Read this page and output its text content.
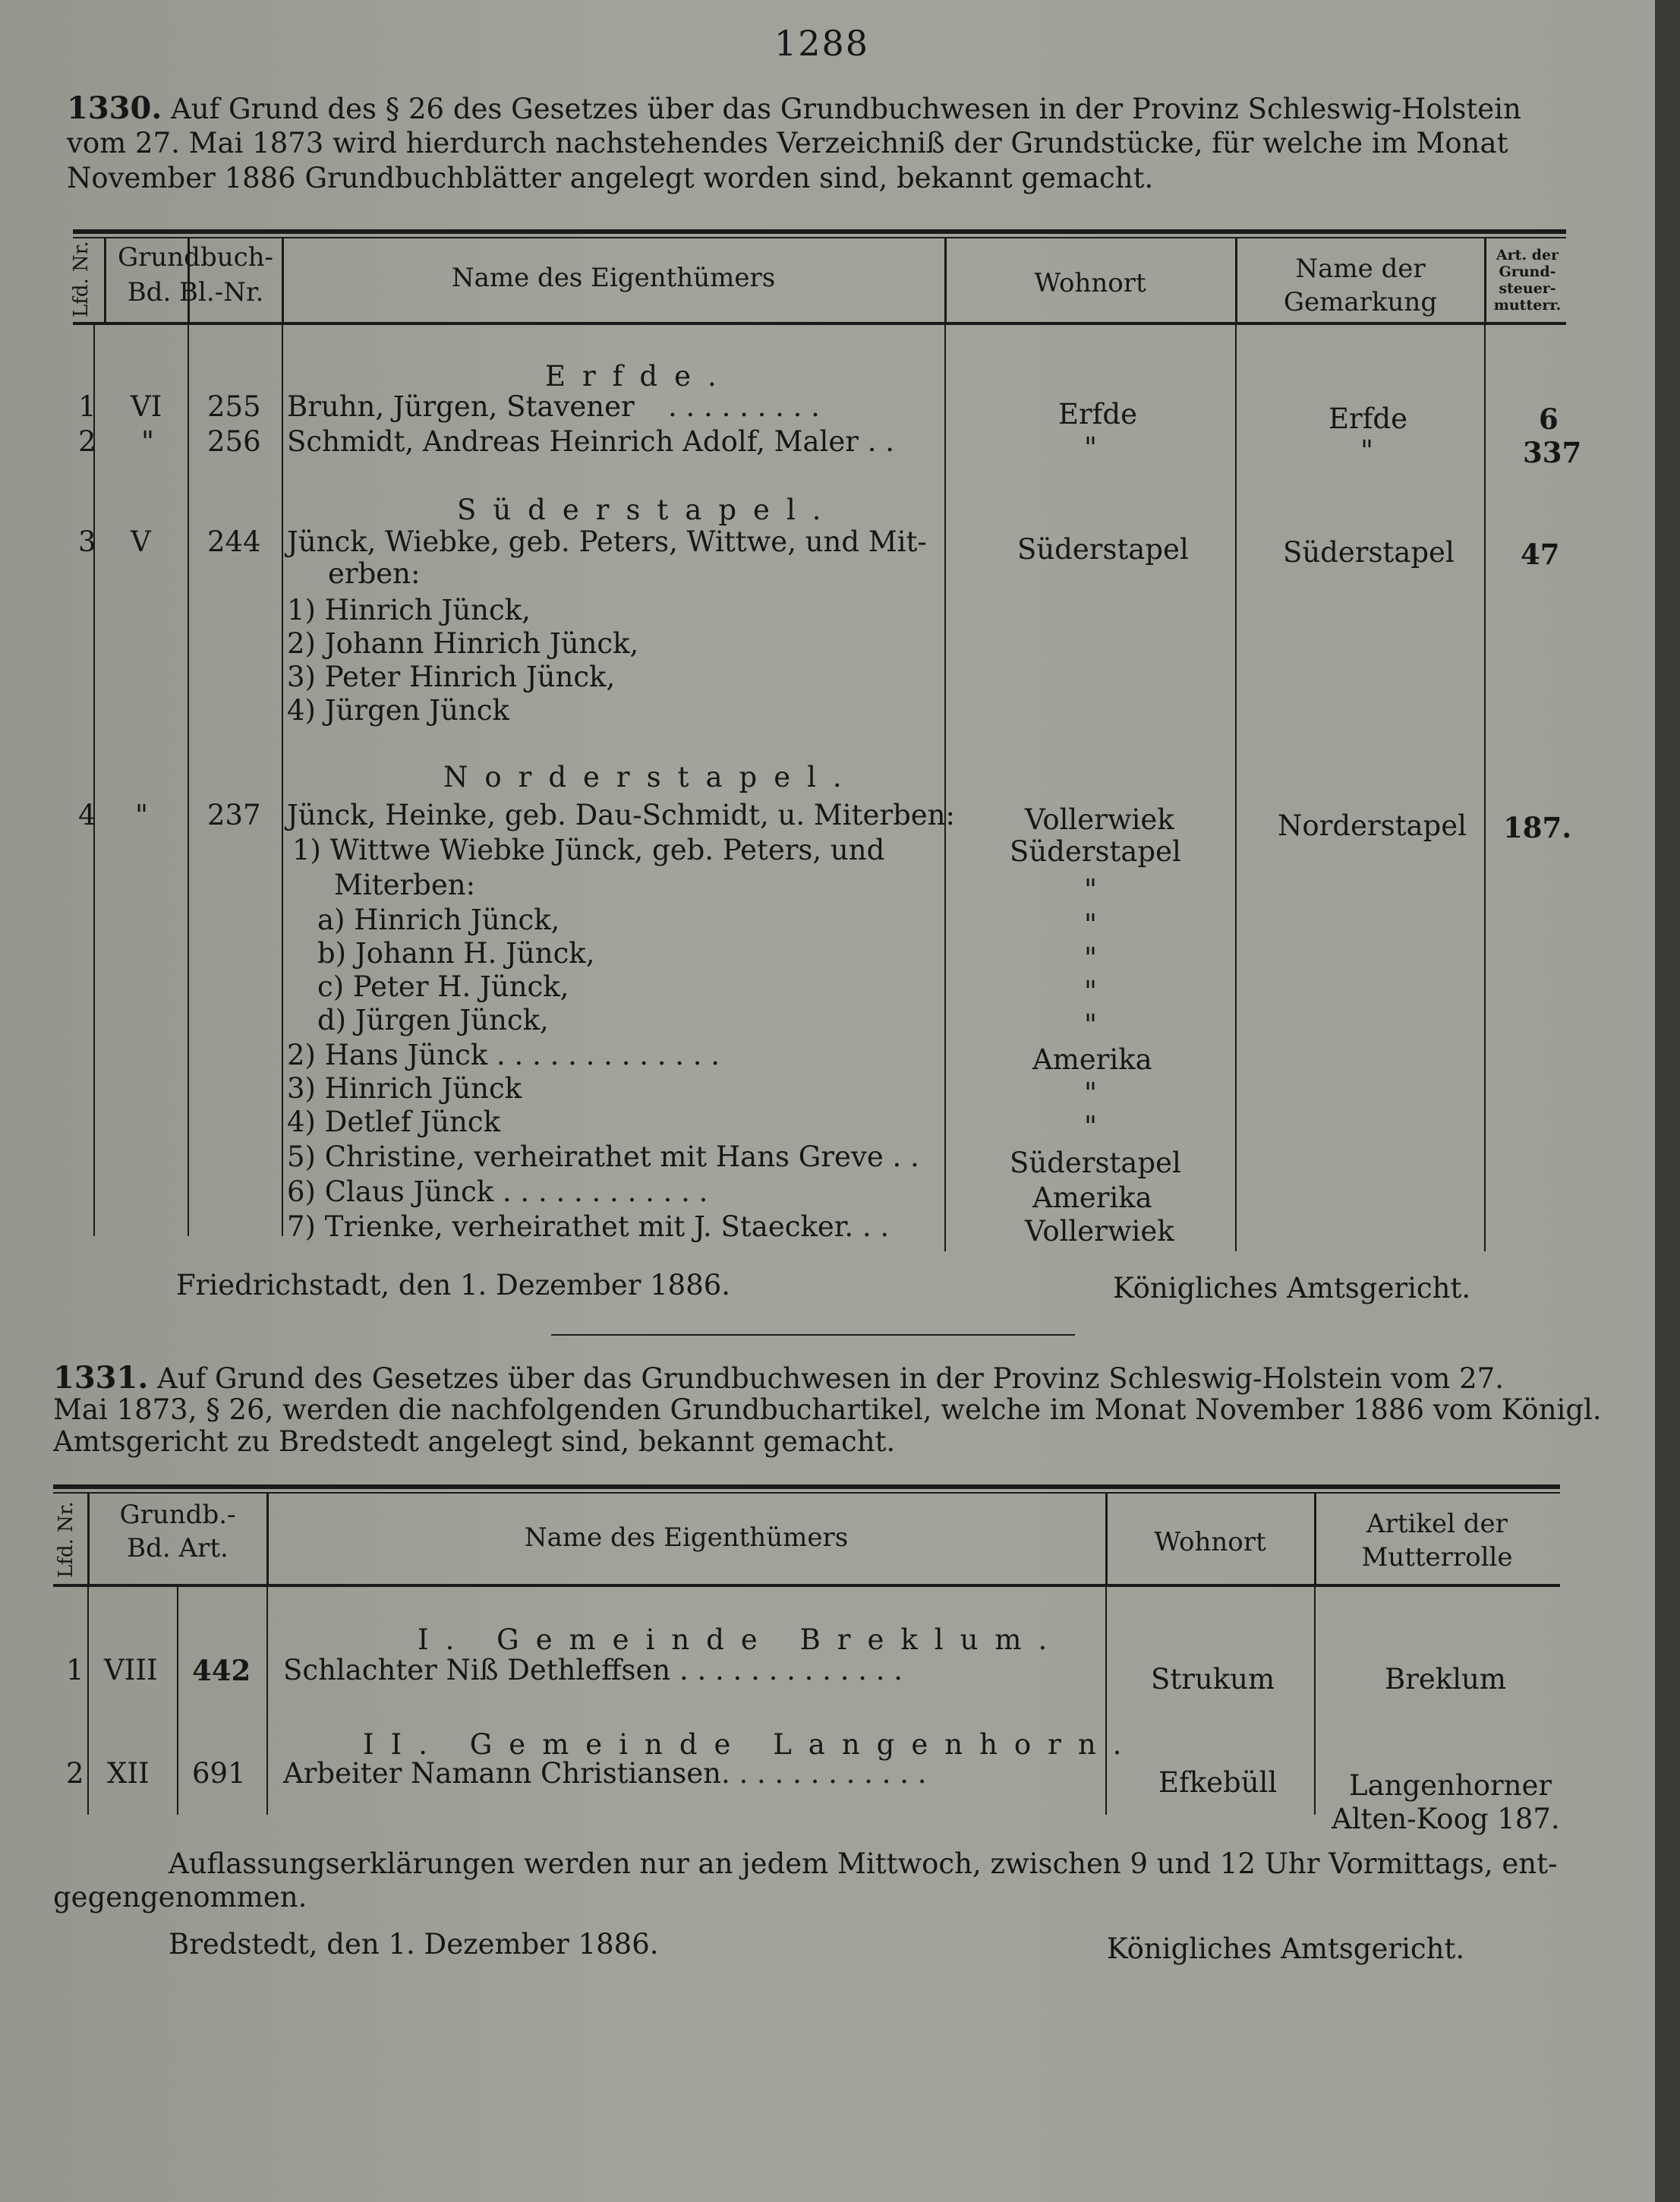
1288
1330. Auf Grund des § 26 des Gesetzes über das Grundbuchwesen in der Provinz Schleswig-Holstein
vom 27. Mai 1873 wird hierdurch nachstehendes Verzeichniß der Grundstücke, für welche im Monat
November 1886 Grundbuchblätter angelegt worden sind, bekannt gemacht.
Lfd. Nr. Grundbuch-
Bd. Bl.-Nr.	Name des Eigenthümers	Wohnort	Name der
Gemarkung
Art. der
Grund-
steuer-
mutterr.
Erfde.
1 VI 255 Bruhn, Jürgen, Stavener . . . . . . . . .	Erfde	Erfde	6
2 " 256 Schmidt, Andreas Heinrich Adolf, Maler . .	"	"	337
Süderstapel.
3 V 244 Jünck, Wiebke, geb. Peters, Wittwe, und Mit-
erben:
Süderstapel	Süderstapel 47
1) Hinrich Jünck,
2) Johann Hinrich Jünck,
3) Peter Hinrich Jünck,
4) Jürgen Jünck
Norderstapel.
4 " 237 Jünck, Heinke, geb. Dau-Schmidt, u. Miterben: Vollerwiek	Norderstapel 187.
1) Wittwe Wiebke Jünck, geb. Peters, und	Süderstapel
Miterben:	"
a) Hinrich Jünck,	"
b) Johann H. Jünck,	"
c) Peter H. Jünck,	"
d) Jürgen Jünck,	"
2) Hans Jünck . . . . . . . . . . . . .	Amerika
3) Hinrich Jünck	"
4) Detlef Jünck	"
5) Christine, verheirathet mit Hans Greve . .	Süderstapel
6) Claus Jünck . . . . . . . . . . . .	Amerika
7) Trienke, verheirathet mit J. Staecker. . .	Vollerwiek
Friedrichstadt, den 1. Dezember 1886.	Königliches Amtsgericht.
1331. Auf Grund des Gesetzes über das Grundbuchwesen in der Provinz Schleswig-Holstein vom 27.
Mai 1873, § 26, werden die nachfolgenden Grundbuchartikel, welche im Monat November 1886 vom Königl.
Amtsgericht zu Bredstedt angelegt sind, bekannt gemacht.
Lfd. Nr.	Grundb.-
Bd. Art.	Name des Eigenthümers	Wohnort
Artikel der
Mutterrolle
I. Gemeinde Breklum.
1 VIII 442 Schlachter Niß Dethleffsen . . . . . . . . . . . . .	Strukum	Breklum
II. Gemeinde Langenhorn.
2 XII 691 Arbeiter Namann Christiansen. . . . . . . . . . . .	Efkebüll	Langenhorner
Alten-Koog 187.
Auflassungserklärungen werden nur an jedem Mittwoch, zwischen 9 und 12 Uhr Vormittags, ent-
gegengenommen.
Bredstedt, den 1. Dezember 1886.	Königliches Amtsgericht.
